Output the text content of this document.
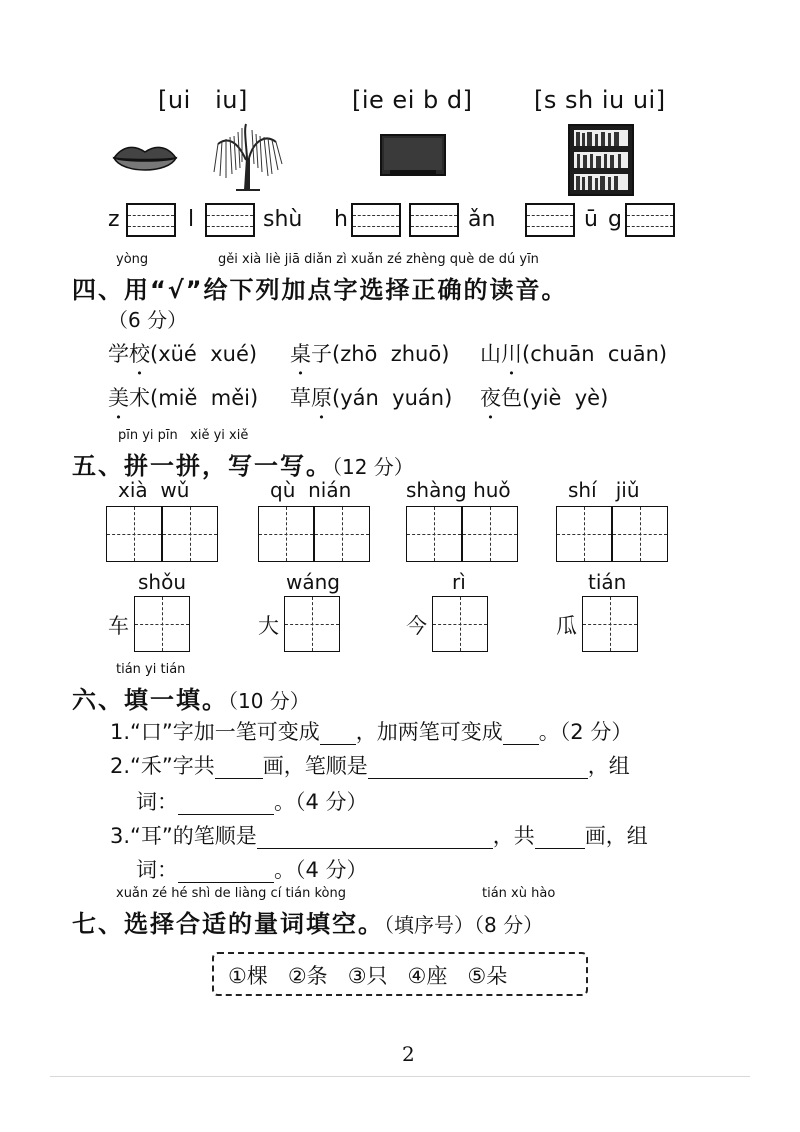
[ui   iu]	[ie ei b d]	[s sh iu ui]
z	l	shù h	ǎn	ū g
yòng	gěi xià liè jiā diǎn zì xuǎn zé zhèng què de dú yīn
四、用“√”给下列加点字选择正确的读音。
（6 分）
学校(xüé  xué) 桌子(zhō  zhuō) 山川(chuān  cuān)
美术(miě  měi) 草原(yán  yuán) 夜色(yiè  yè)
pīn yi pīn   xiě yi xiě
五、拼一拼，写一写。（12 分）
xià  wǔ	qù  nián	shàng huǒ	shí   jiǔ
shǒu	wáng	rì	tián
车	大	今	瓜
tián yi tián
六、填一填。（10 分）
1.“口”字加一笔可变成 ，加两笔可变成 。（2 分）
2.“禾”字共 画，笔顺是	，组
词：	。（4 分）
3.“耳”的笔顺是	，共 画，组
词：	。（4 分）
xuǎn zé hé shì de liàng cí tián kòng	tián xù hào
七、选择合适的量词填空。（填序号）（8 分）
①棵   ②条   ③只   ④座   ⑤朵
2
